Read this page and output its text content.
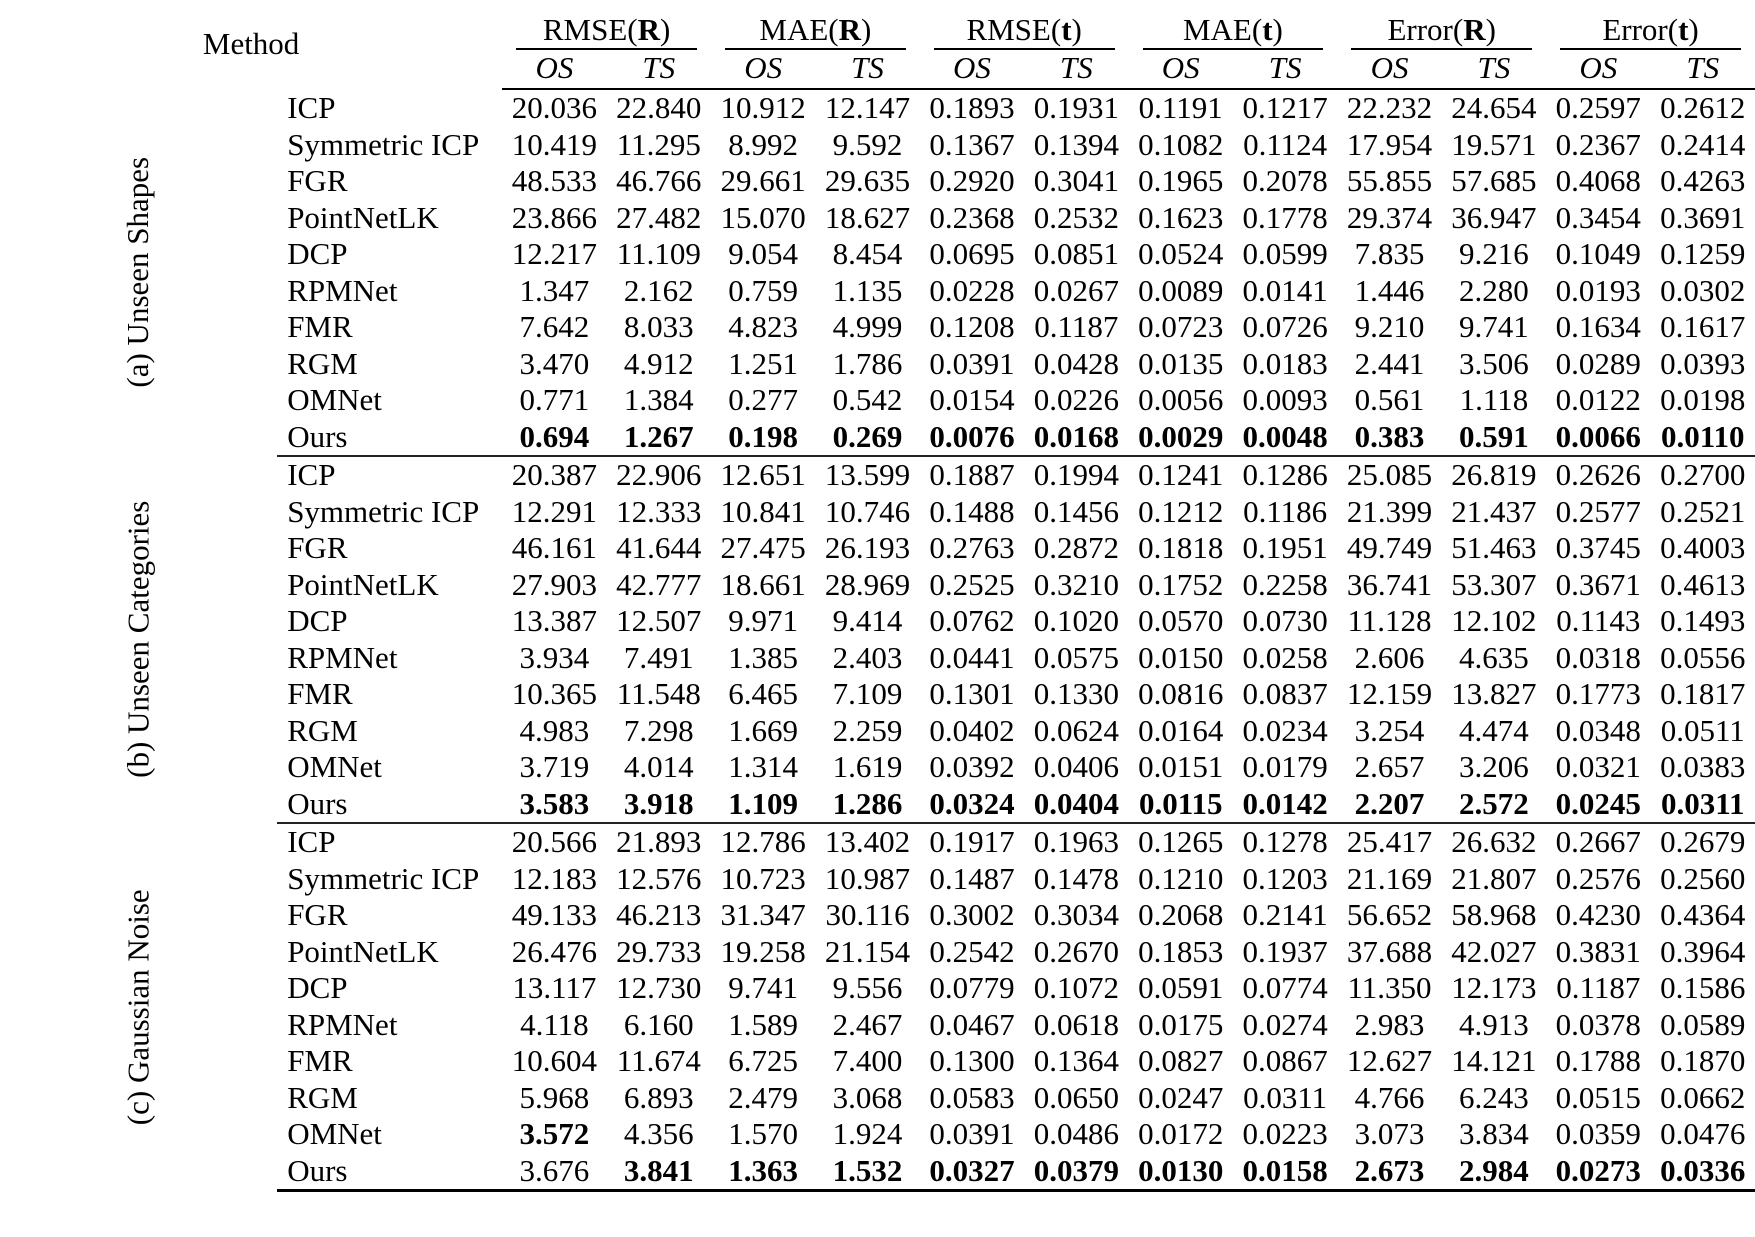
Method		RMSE(R)		MAE(R)		RMSE(t)		MAE(t)		Error(R)		Error(t)	

		OS	TS	OS	TS	OS	TS	OS	TS	OS	TS	OS	TS
(a) Unseen Shapes	ICP	20.036	22.840	10.912	12.147	0.1893	0.1931	0.1191	0.1217	22.232	24.654	0.2597	0.2612
	Symmetric ICP	10.419	11.295	8.992	9.592	0.1367	0.1394	0.1082	0.1124	17.954	19.571	0.2367	0.2414
	FGR	48.533	46.766	29.661	29.635	0.2920	0.3041	0.1965	0.2078	55.855	57.685	0.4068	0.4263
	PointNetLK	23.866	27.482	15.070	18.627	0.2368	0.2532	0.1623	0.1778	29.374	36.947	0.3454	0.3691
	DCP	12.217	11.109	9.054	8.454	0.0695	0.0851	0.0524	0.0599	7.835	9.216	0.1049	0.1259
	RPMNet	1.347	2.162	0.759	1.135	0.0228	0.0267	0.0089	0.0141	1.446	2.280	0.0193	0.0302
	FMR	7.642	8.033	4.823	4.999	0.1208	0.1187	0.0723	0.0726	9.210	9.741	0.1634	0.1617
	RGM	3.470	4.912	1.251	1.786	0.0391	0.0428	0.0135	0.0183	2.441	3.506	0.0289	0.0393
	OMNet	0.771	1.384	0.277	0.542	0.0154	0.0226	0.0056	0.0093	0.561	1.118	0.0122	0.0198
	Ours	0.694	1.267	0.198	0.269	0.0076	0.0168	0.0029	0.0048	0.383	0.591	0.0066	0.0110
(b) Unseen Categories	ICP	20.387	22.906	12.651	13.599	0.1887	0.1994	0.1241	0.1286	25.085	26.819	0.2626	0.2700
	Symmetric ICP	12.291	12.333	10.841	10.746	0.1488	0.1456	0.1212	0.1186	21.399	21.437	0.2577	0.2521
	FGR	46.161	41.644	27.475	26.193	0.2763	0.2872	0.1818	0.1951	49.749	51.463	0.3745	0.4003
	PointNetLK	27.903	42.777	18.661	28.969	0.2525	0.3210	0.1752	0.2258	36.741	53.307	0.3671	0.4613
	DCP	13.387	12.507	9.971	9.414	0.0762	0.1020	0.0570	0.0730	11.128	12.102	0.1143	0.1493
	RPMNet	3.934	7.491	1.385	2.403	0.0441	0.0575	0.0150	0.0258	2.606	4.635	0.0318	0.0556
	FMR	10.365	11.548	6.465	7.109	0.1301	0.1330	0.0816	0.0837	12.159	13.827	0.1773	0.1817
	RGM	4.983	7.298	1.669	2.259	0.0402	0.0624	0.0164	0.0234	3.254	4.474	0.0348	0.0511
	OMNet	3.719	4.014	1.314	1.619	0.0392	0.0406	0.0151	0.0179	2.657	3.206	0.0321	0.0383
	Ours	3.583	3.918	1.109	1.286	0.0324	0.0404	0.0115	0.0142	2.207	2.572	0.0245	0.0311
(c) Gaussian Noise	ICP	20.566	21.893	12.786	13.402	0.1917	0.1963	0.1265	0.1278	25.417	26.632	0.2667	0.2679
	Symmetric ICP	12.183	12.576	10.723	10.987	0.1487	0.1478	0.1210	0.1203	21.169	21.807	0.2576	0.2560
	FGR	49.133	46.213	31.347	30.116	0.3002	0.3034	0.2068	0.2141	56.652	58.968	0.4230	0.4364
	PointNetLK	26.476	29.733	19.258	21.154	0.2542	0.2670	0.1853	0.1937	37.688	42.027	0.3831	0.3964
	DCP	13.117	12.730	9.741	9.556	0.0779	0.1072	0.0591	0.0774	11.350	12.173	0.1187	0.1586
	RPMNet	4.118	6.160	1.589	2.467	0.0467	0.0618	0.0175	0.0274	2.983	4.913	0.0378	0.0589
	FMR	10.604	11.674	6.725	7.400	0.1300	0.1364	0.0827	0.0867	12.627	14.121	0.1788	0.1870
	RGM	5.968	6.893	2.479	3.068	0.0583	0.0650	0.0247	0.0311	4.766	6.243	0.0515	0.0662
	OMNet	3.572	4.356	1.570	1.924	0.0391	0.0486	0.0172	0.0223	3.073	3.834	0.0359	0.0476
	Ours	3.676	3.841	1.363	1.532	0.0327	0.0379	0.0130	0.0158	2.673	2.984	0.0273	0.0336
